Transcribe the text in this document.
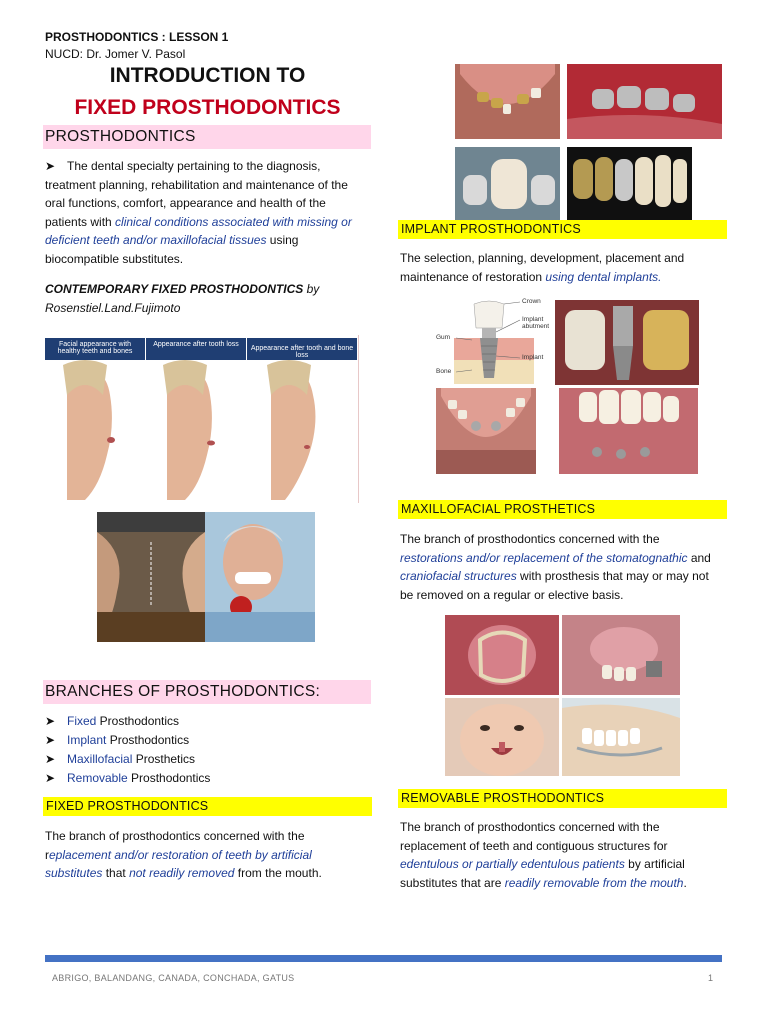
PROSTHODONTICS : LESSON 1
NUCD: Dr. Jomer V. Pasol
INTRODUCTION TO
FIXED PROSTHODONTICS
PROSTHODONTICS
➤ The dental specialty pertaining to the diagnosis, treatment planning, rehabilitation and maintenance of the oral functions, comfort, appearance and health of the patients with clinical conditions associated with missing or deficient teeth and/or maxillofacial tissues using biocompatible substitutes.
CONTEMPORARY FIXED PROSTHODONTICS by
Rosenstiel.Land.Fujimoto
Facial appearance with healthy teeth and bones
Appearance after tooth loss
Appearance after tooth and bone loss
BRANCHES OF PROSTHODONTICS:
➤ Fixed Prosthodontics
➤ Implant Prosthodontics
➤ Maxillofacial Prosthetics
➤ Removable Prosthodontics
FIXED PROSTHODONTICS
The branch of prosthodontics concerned with the replacement and/or restoration of teeth by artificial substitutes that not readily removed from the mouth.
IMPLANT PROSTHODONTICS
The selection, planning, development, placement and maintenance of restoration using dental implants.
Crown
Implant abutment
Gum
Implant
Bone
MAXILLOFACIAL PROSTHETICS
The branch of prosthodontics concerned with the restorations and/or replacement of the stomatognathic and craniofacial structures with prosthesis that may or may not be removed on a regular or elective basis.
REMOVABLE PROSTHODONTICS
The branch of prosthodontics concerned with the replacement of teeth and contiguous structures for edentulous or partially edentulous patients by artificial substitutes that are readily removable from the mouth.
ABRIGO, BALANDANG, CANADA, CONCHADA, GATUS	1
